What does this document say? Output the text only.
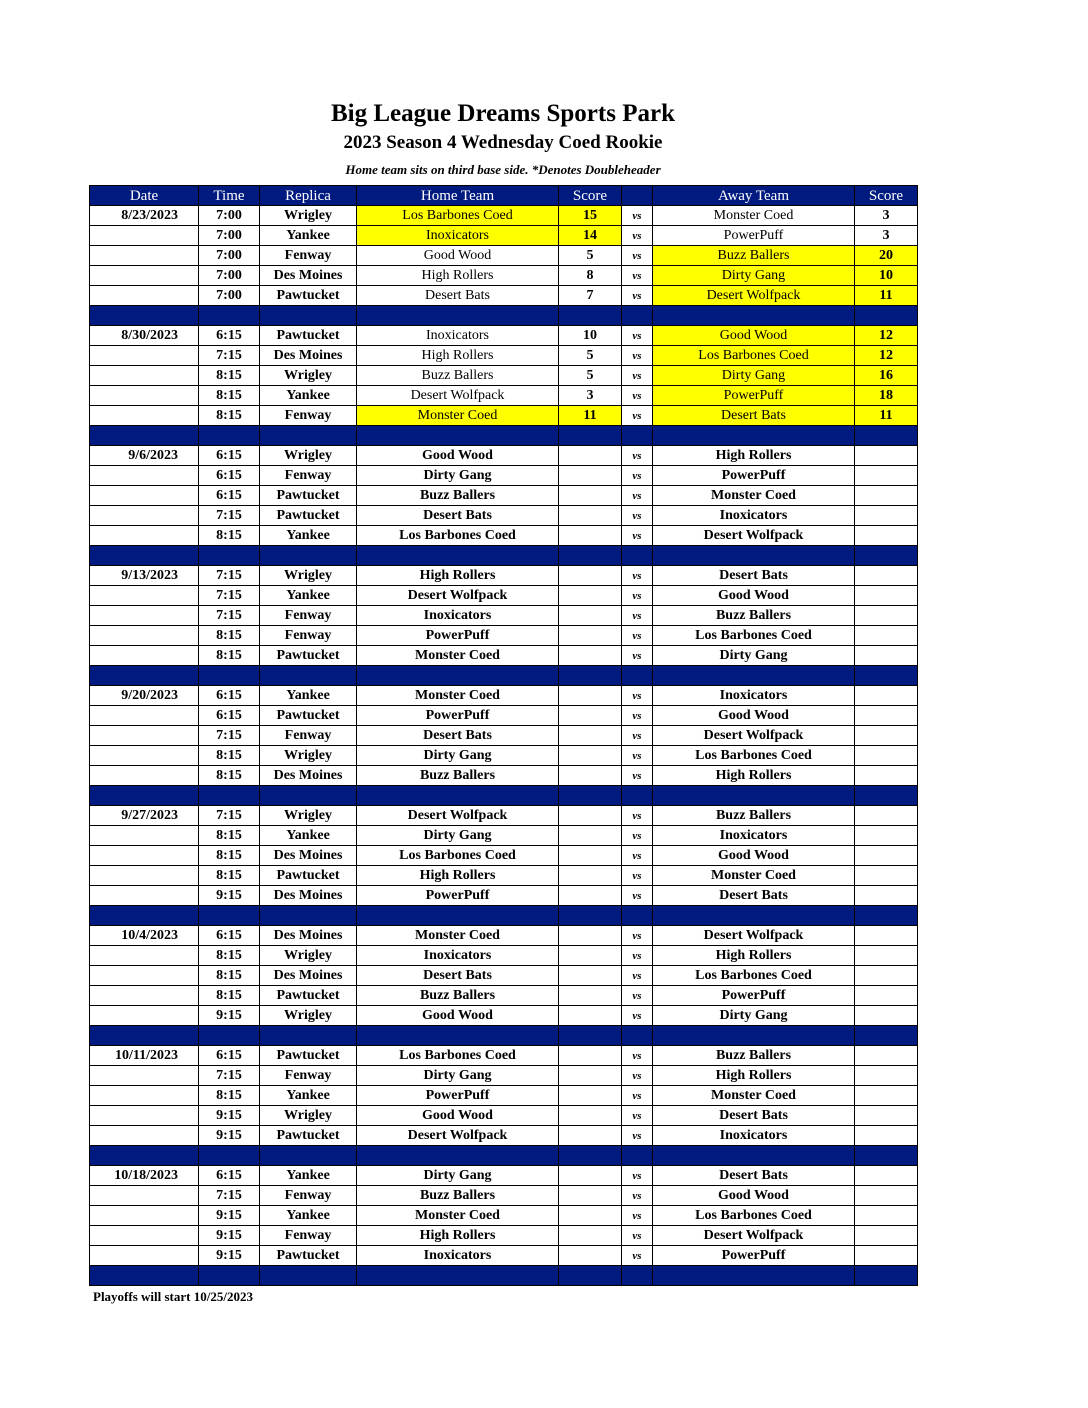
Big League Dreams Sports Park
2023 Season 4 Wednesday Coed Rookie
Home team sits on third base side. *Denotes Doubleheader
Date	Time	Replica	Home Team	Score		Away Team	Score
8/23/2023	7:00	Wrigley	Los Barbones Coed	15	vs	Monster Coed	3
	7:00	Yankee	Inoxicators	14	vs	PowerPuff	3
	7:00	Fenway	Good Wood	5	vs	Buzz Ballers	20
	7:00	Des Moines	High Rollers	8	vs	Dirty Gang	10
	7:00	Pawtucket	Desert Bats	7	vs	Desert Wolfpack	11

8/30/2023	6:15	Pawtucket	Inoxicators	10	vs	Good Wood	12
	7:15	Des Moines	High Rollers	5	vs	Los Barbones Coed	12
	8:15	Wrigley	Buzz Ballers	5	vs	Dirty Gang	16
	8:15	Yankee	Desert Wolfpack	3	vs	PowerPuff	18
	8:15	Fenway	Monster Coed	11	vs	Desert Bats	11

9/6/2023	6:15	Wrigley	Good Wood		vs	High Rollers	
	6:15	Fenway	Dirty Gang		vs	PowerPuff	
	6:15	Pawtucket	Buzz Ballers		vs	Monster Coed	
	7:15	Pawtucket	Desert Bats		vs	Inoxicators	
	8:15	Yankee	Los Barbones Coed		vs	Desert Wolfpack	

9/13/2023	7:15	Wrigley	High Rollers		vs	Desert Bats	
	7:15	Yankee	Desert Wolfpack		vs	Good Wood	
	7:15	Fenway	Inoxicators		vs	Buzz Ballers	
	8:15	Fenway	PowerPuff		vs	Los Barbones Coed	
	8:15	Pawtucket	Monster Coed		vs	Dirty Gang	

9/20/2023	6:15	Yankee	Monster Coed		vs	Inoxicators	
	6:15	Pawtucket	PowerPuff		vs	Good Wood	
	7:15	Fenway	Desert Bats		vs	Desert Wolfpack	
	8:15	Wrigley	Dirty Gang		vs	Los Barbones Coed	
	8:15	Des Moines	Buzz Ballers		vs	High Rollers	

9/27/2023	7:15	Wrigley	Desert Wolfpack		vs	Buzz Ballers	
	8:15	Yankee	Dirty Gang		vs	Inoxicators	
	8:15	Des Moines	Los Barbones Coed		vs	Good Wood	
	8:15	Pawtucket	High Rollers		vs	Monster Coed	
	9:15	Des Moines	PowerPuff		vs	Desert Bats	

10/4/2023	6:15	Des Moines	Monster Coed		vs	Desert Wolfpack	
	8:15	Wrigley	Inoxicators		vs	High Rollers	
	8:15	Des Moines	Desert Bats		vs	Los Barbones Coed	
	8:15	Pawtucket	Buzz Ballers		vs	PowerPuff	
	9:15	Wrigley	Good Wood		vs	Dirty Gang	

10/11/2023	6:15	Pawtucket	Los Barbones Coed		vs	Buzz Ballers	
	7:15	Fenway	Dirty Gang		vs	High Rollers	
	8:15	Yankee	PowerPuff		vs	Monster Coed	
	9:15	Wrigley	Good Wood		vs	Desert Bats	
	9:15	Pawtucket	Desert Wolfpack		vs	Inoxicators	

10/18/2023	6:15	Yankee	Dirty Gang		vs	Desert Bats	
	7:15	Fenway	Buzz Ballers		vs	Good Wood	
	9:15	Yankee	Monster Coed		vs	Los Barbones Coed	
	9:15	Fenway	High Rollers		vs	Desert Wolfpack	
	9:15	Pawtucket	Inoxicators		vs	PowerPuff	

Playoffs will start 10/25/2023
